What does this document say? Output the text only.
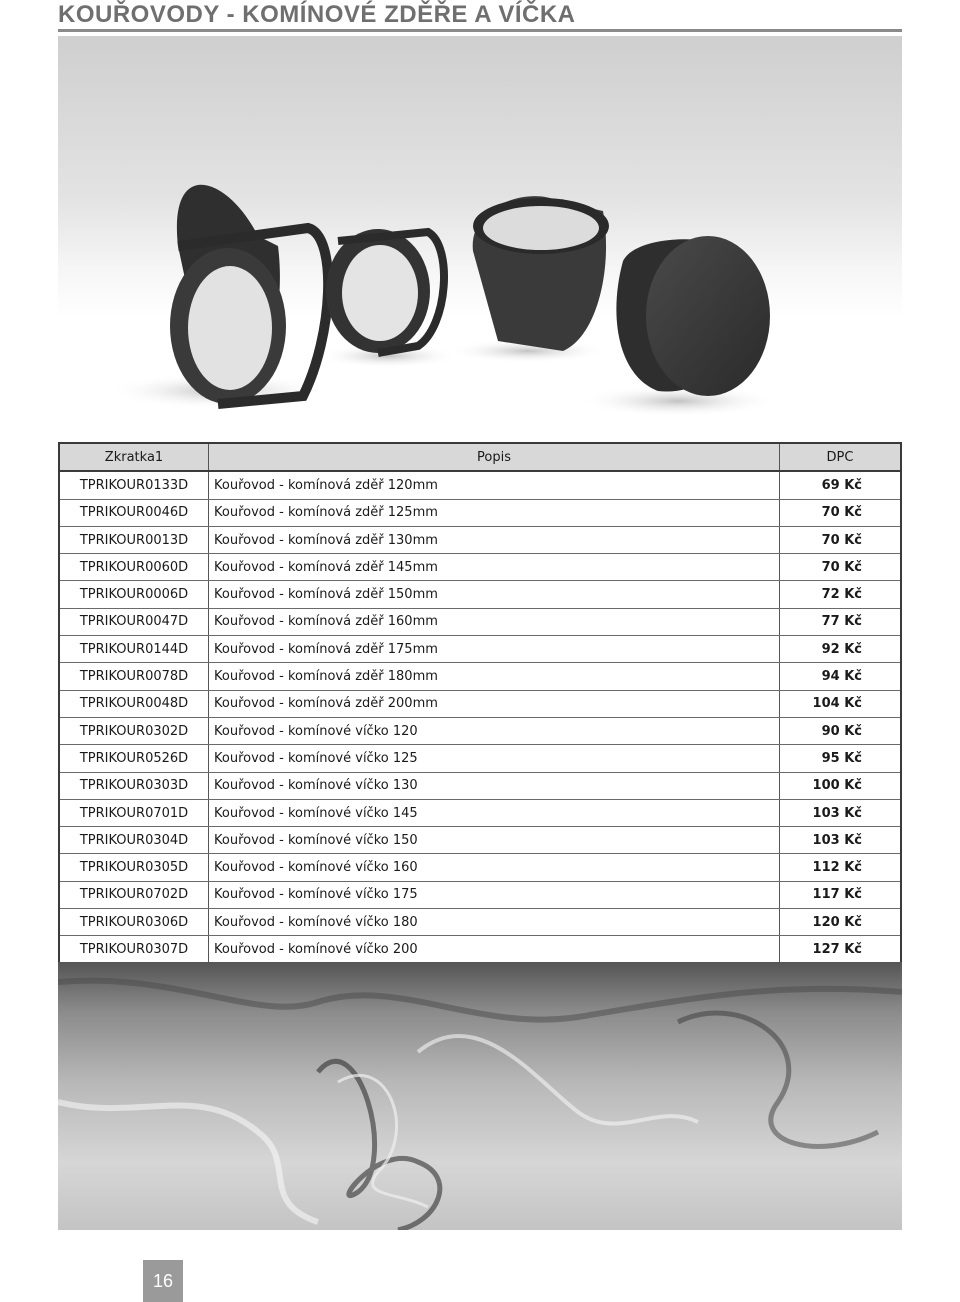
KOUŘOVODY - KOMÍNOVÉ ZDĚŘE A VÍČKA
Zkratka1	Popis	DPC
TPRIKOUR0133D	Kouřovod - komínová zděř 120mm	69 Kč
TPRIKOUR0046D	Kouřovod - komínová zděř 125mm	70 Kč
TPRIKOUR0013D	Kouřovod - komínová zděř 130mm	70 Kč
TPRIKOUR0060D	Kouřovod - komínová zděř 145mm	70 Kč
TPRIKOUR0006D	Kouřovod - komínová zděř 150mm	72 Kč
TPRIKOUR0047D	Kouřovod - komínová zděř 160mm	77 Kč
TPRIKOUR0144D	Kouřovod - komínová zděř 175mm	92 Kč
TPRIKOUR0078D	Kouřovod - komínová zděř 180mm	94 Kč
TPRIKOUR0048D	Kouřovod - komínová zděř 200mm	104 Kč
TPRIKOUR0302D	Kouřovod - komínové víčko 120	90 Kč
TPRIKOUR0526D	Kouřovod - komínové víčko 125	95 Kč
TPRIKOUR0303D	Kouřovod - komínové víčko 130	100 Kč
TPRIKOUR0701D	Kouřovod - komínové víčko 145	103 Kč
TPRIKOUR0304D	Kouřovod - komínové víčko 150	103 Kč
TPRIKOUR0305D	Kouřovod - komínové víčko 160	112 Kč
TPRIKOUR0702D	Kouřovod - komínové víčko 175	117 Kč
TPRIKOUR0306D	Kouřovod - komínové víčko 180	120 Kč
TPRIKOUR0307D	Kouřovod - komínové víčko 200	127 Kč
16
